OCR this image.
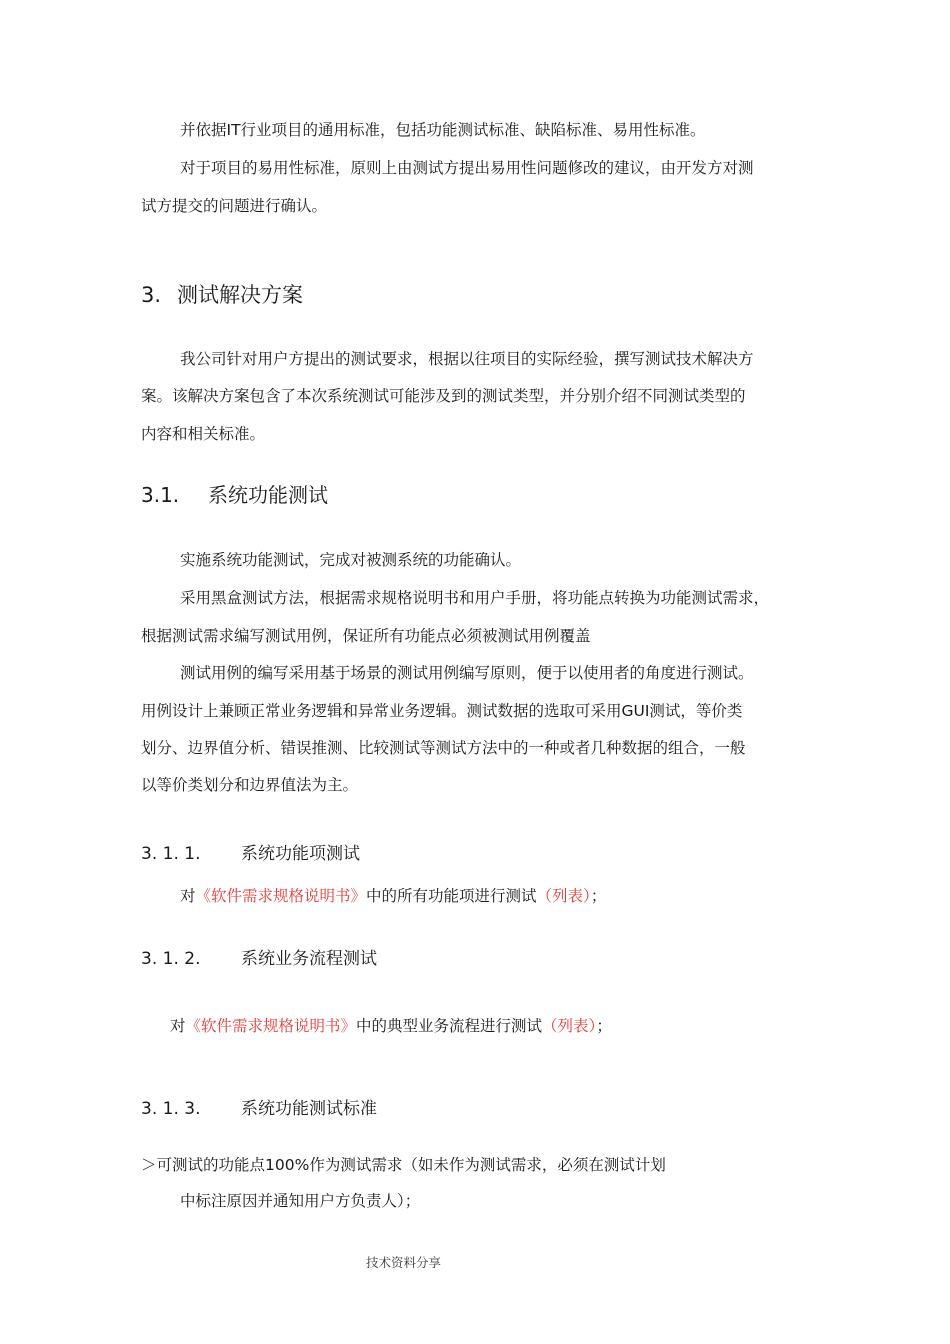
并依据IT行业项目的通用标准，包括功能测试标准、缺陷标准、易用性标准。
对于项目的易用性标准，原则上由测试方提出易用性问题修改的建议，由开发方对测
试方提交的问题进行确认。
3. 测试解决方案
我公司针对用户方提出的测试要求，根据以往项目的实际经验，撰写测试技术解决方
案。该解决方案包含了本次系统测试可能涉及到的测试类型，并分别介绍不同测试类型的
内容和相关标准。
3.1. 系统功能测试
实施系统功能测试，完成对被测系统的功能确认。
采用黑盒测试方法，根据需求规格说明书和用户手册，将功能点转换为功能测试需求，
根据测试需求编写测试用例，保证所有功能点必须被测试用例覆盖
测试用例的编写采用基于场景的测试用例编写原则，便于以使用者的角度进行测试。
用例设计上兼顾正常业务逻辑和异常业务逻辑。测试数据的选取可采用GUI测试，等价类
划分、边界值分析、错误推测、比较测试等测试方法中的一种或者几种数据的组合，一般
以等价类划分和边界值法为主。
3. 1. 1. 系统功能项测试
对《软件需求规格说明书》中的所有功能项进行测试（列表）；
3. 1. 2. 系统业务流程测试
对《软件需求规格说明书》中的典型业务流程进行测试（列表）；
3. 1. 3. 系统功能测试标准
＞可测试的功能点100%作为测试需求（如未作为测试需求，必须在测试计划
中标注原因并通知用户方负责人）；
技术资料分享
